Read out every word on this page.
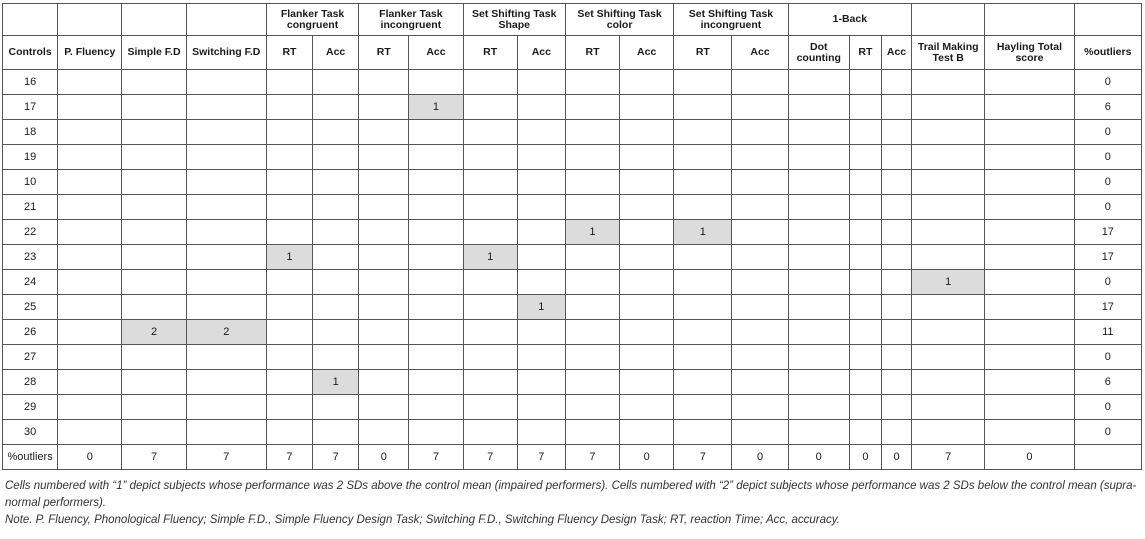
				Flanker Task congruent		Flanker Task incongruent		Set Shifting Task Shape		Set Shifting Task color		Set Shifting Task incongruent		1-Back					
Controls	P. Fluency	Simple F.D	Switching F.D	RT	Acc	RT	Acc	RT	Acc	RT	Acc	RT	Acc	Dot counting	RT	Acc	Trail Making Test B	Hayling Total score	%outliers
16																			0
17							1												6
18																			0
19																			0
10																			0
21																			0
22										1		1							17
23				1				1											17
24																	1		0
25									1										17
26		2	2																11
27																			0
28					1														6
29																			0
30																			0
%outliers	0	7	7	7	7	0	7	7	7	7	0	7	0	0	0	0	7	0	

Cells numbered with “1” depict subjects whose performance was 2 SDs above the control mean (impaired performers). Cells numbered with “2” depict subjects whose performance was 2 SDs below the control mean (supra-normal performers).

Note. P. Fluency, Phonological Fluency; Simple F.D., Simple Fluency Design Task; Switching F.D., Switching Fluency Design Task; RT, reaction Time; Acc, accuracy.
